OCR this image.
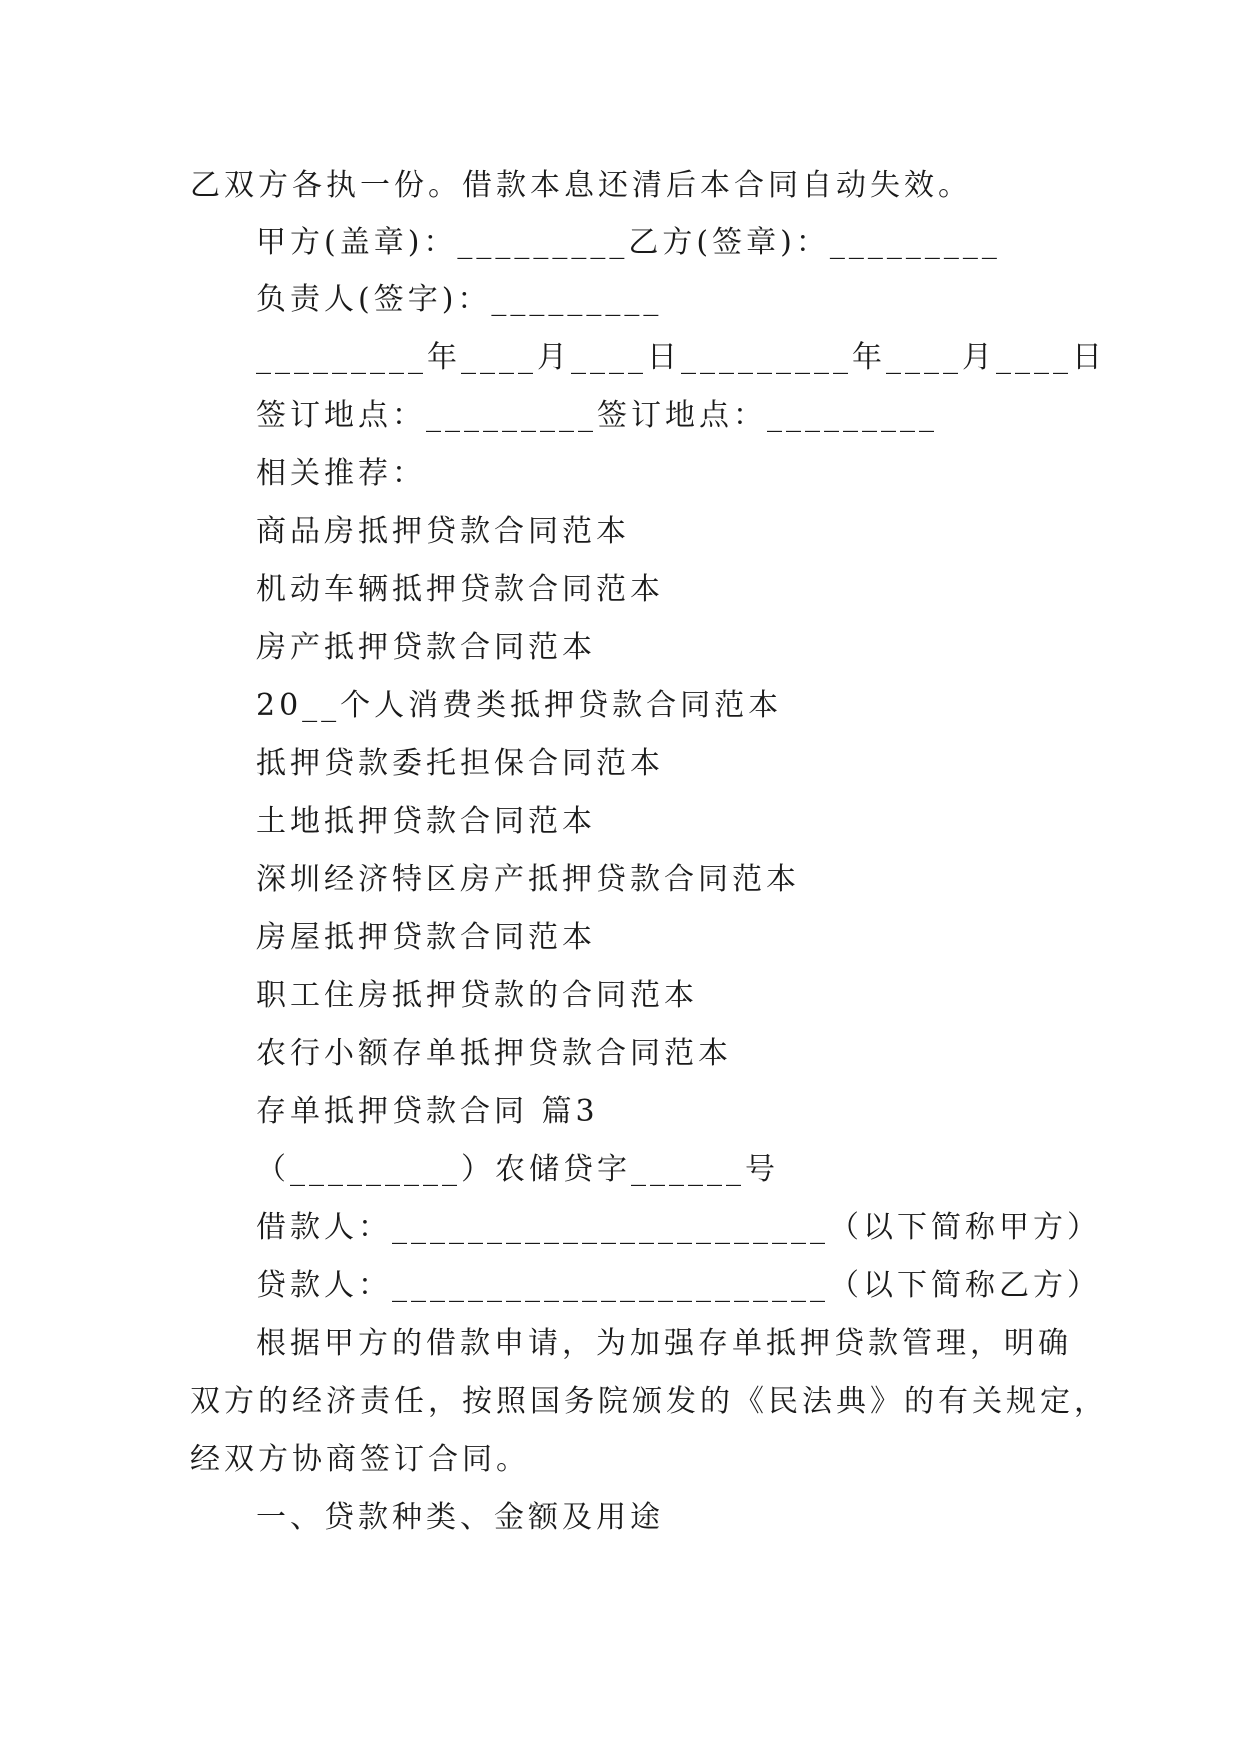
乙双方各执一份。借款本息还清后本合同自动失效。

甲方(盖章)：_________乙方(签章)：_________

负责人(签字)：_________

_________年____月____日_________年____月____日

签订地点：_________签订地点：_________

相关推荐：

商品房抵押贷款合同范本

机动车辆抵押贷款合同范本

房产抵押贷款合同范本

20__个人消费类抵押贷款合同范本

抵押贷款委托担保合同范本

土地抵押贷款合同范本

深圳经济特区房产抵押贷款合同范本

房屋抵押贷款合同范本

职工住房抵押贷款的合同范本

农行小额存单抵押贷款合同范本

存单抵押贷款合同 篇3

（_________）农储贷字______号

借款人：_______________________（以下简称甲方）

贷款人：_______________________（以下简称乙方）

根据甲方的借款申请，为加强存单抵押贷款管理，明确

双方的经济责任，按照国务院颁发的《民法典》的有关规定，

经双方协商签订合同。

一、贷款种类、金额及用途
